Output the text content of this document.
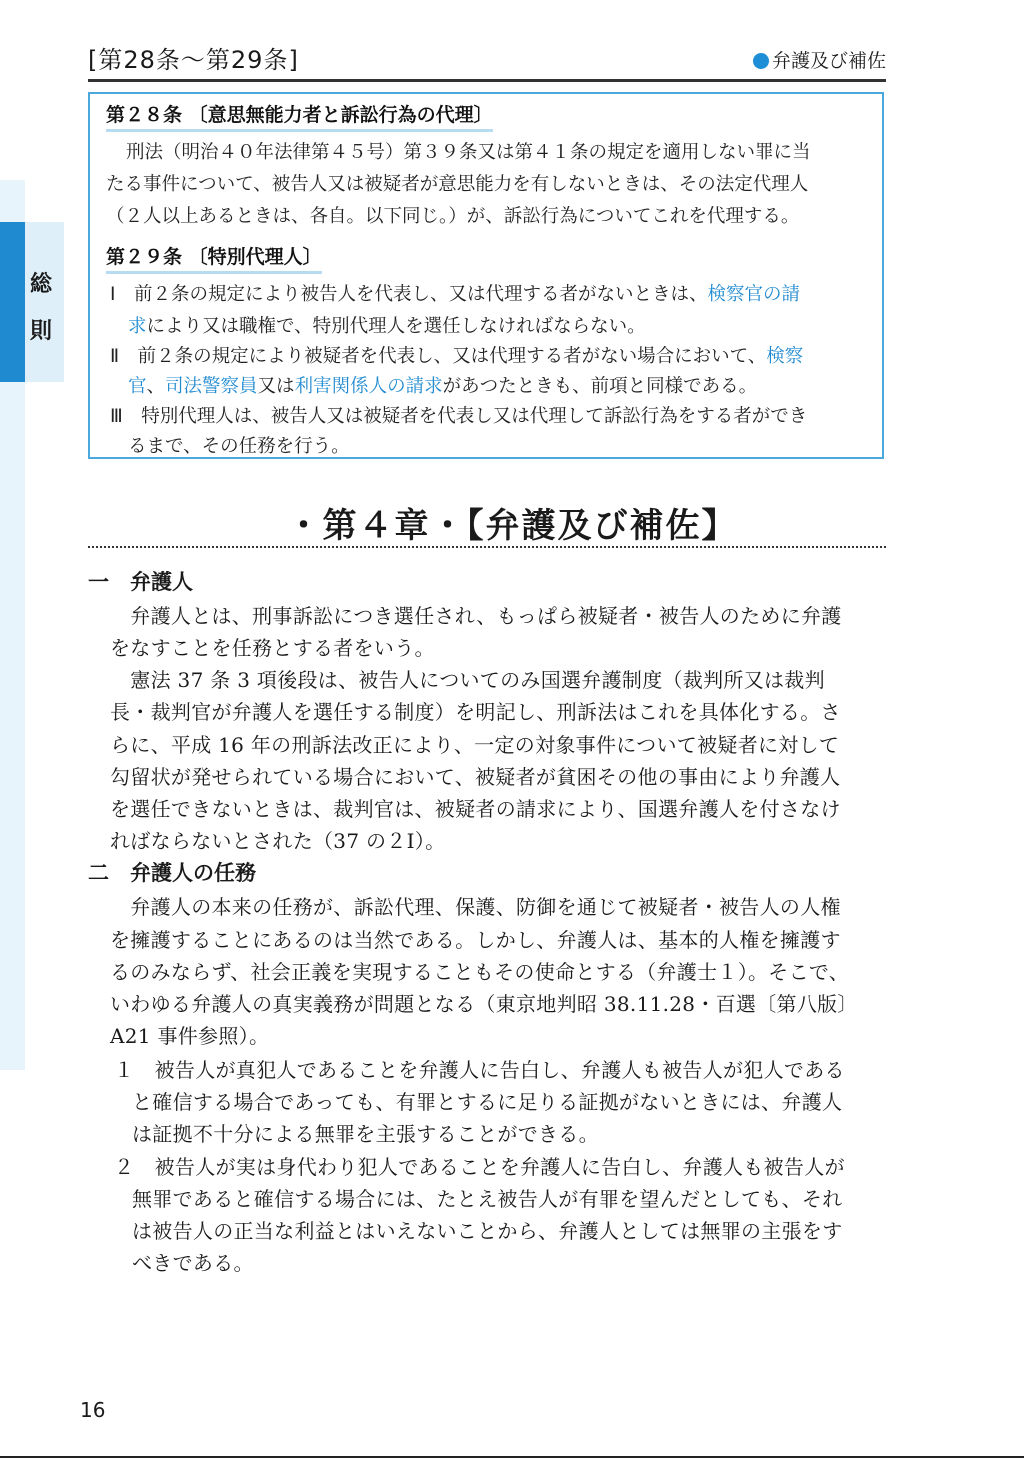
[第28条〜第29条]	弁護及び補佐
総
則
第２８条 〔意思無能力者と訴訟行為の代理〕
刑法（明治４０年法律第４５号）第３９条又は第４１条の規定を適用しない罪に当
たる事件について、被告人又は被疑者が意思能力を有しないときは、その法定代理人
（２人以上あるときは、各自。以下同じ。）が、訴訟行為についてこれを代理する。
第２９条 〔特別代理人〕
Ⅰ　前２条の規定により被告人を代表し、又は代理する者がないときは、検察官の請
求により又は職権で、特別代理人を選任しなければならない。
Ⅱ　前２条の規定により被疑者を代表し、又は代理する者がない場合において、検察
官、司法警察員又は利害関係人の請求があつたときも、前項と同様である。
Ⅲ　特別代理人は、被告人又は被疑者を代表し又は代理して訴訟行為をする者ができ
るまで、その任務を行う。
・第４章・【弁護及び補佐】
一　弁護人
　弁護人とは、刑事訴訟につき選任され、もっぱら被疑者・被告人のために弁護
をなすことを任務とする者をいう。
　憲法 37 条 3 項後段は、被告人についてのみ国選弁護制度（裁判所又は裁判
長・裁判官が弁護人を選任する制度）を明記し、刑訴法はこれを具体化する。さ
らに、平成 16 年の刑訴法改正により、一定の対象事件について被疑者に対して
勾留状が発せられている場合において、被疑者が貧困その他の事由により弁護人
を選任できないときは、裁判官は、被疑者の請求により、国選弁護人を付さなけ
ればならないとされた（37 の２Ⅰ）。
二　弁護人の任務
　弁護人の本来の任務が、訴訟代理、保護、防御を通じて被疑者・被告人の人権
を擁護することにあるのは当然である。しかし、弁護人は、基本的人権を擁護す
るのみならず、社会正義を実現することもその使命とする（弁護士１）。そこで、
いわゆる弁護人の真実義務が問題となる（東京地判昭 38.11.28・百選〔第八版〕
A21 事件参照）。
１　被告人が真犯人であることを弁護人に告白し、弁護人も被告人が犯人である
と確信する場合であっても、有罪とするに足りる証拠がないときには、弁護人
は証拠不十分による無罪を主張することができる。
２　被告人が実は身代わり犯人であることを弁護人に告白し、弁護人も被告人が
無罪であると確信する場合には、たとえ被告人が有罪を望んだとしても、それ
は被告人の正当な利益とはいえないことから、弁護人としては無罪の主張をす
べきである。
16
